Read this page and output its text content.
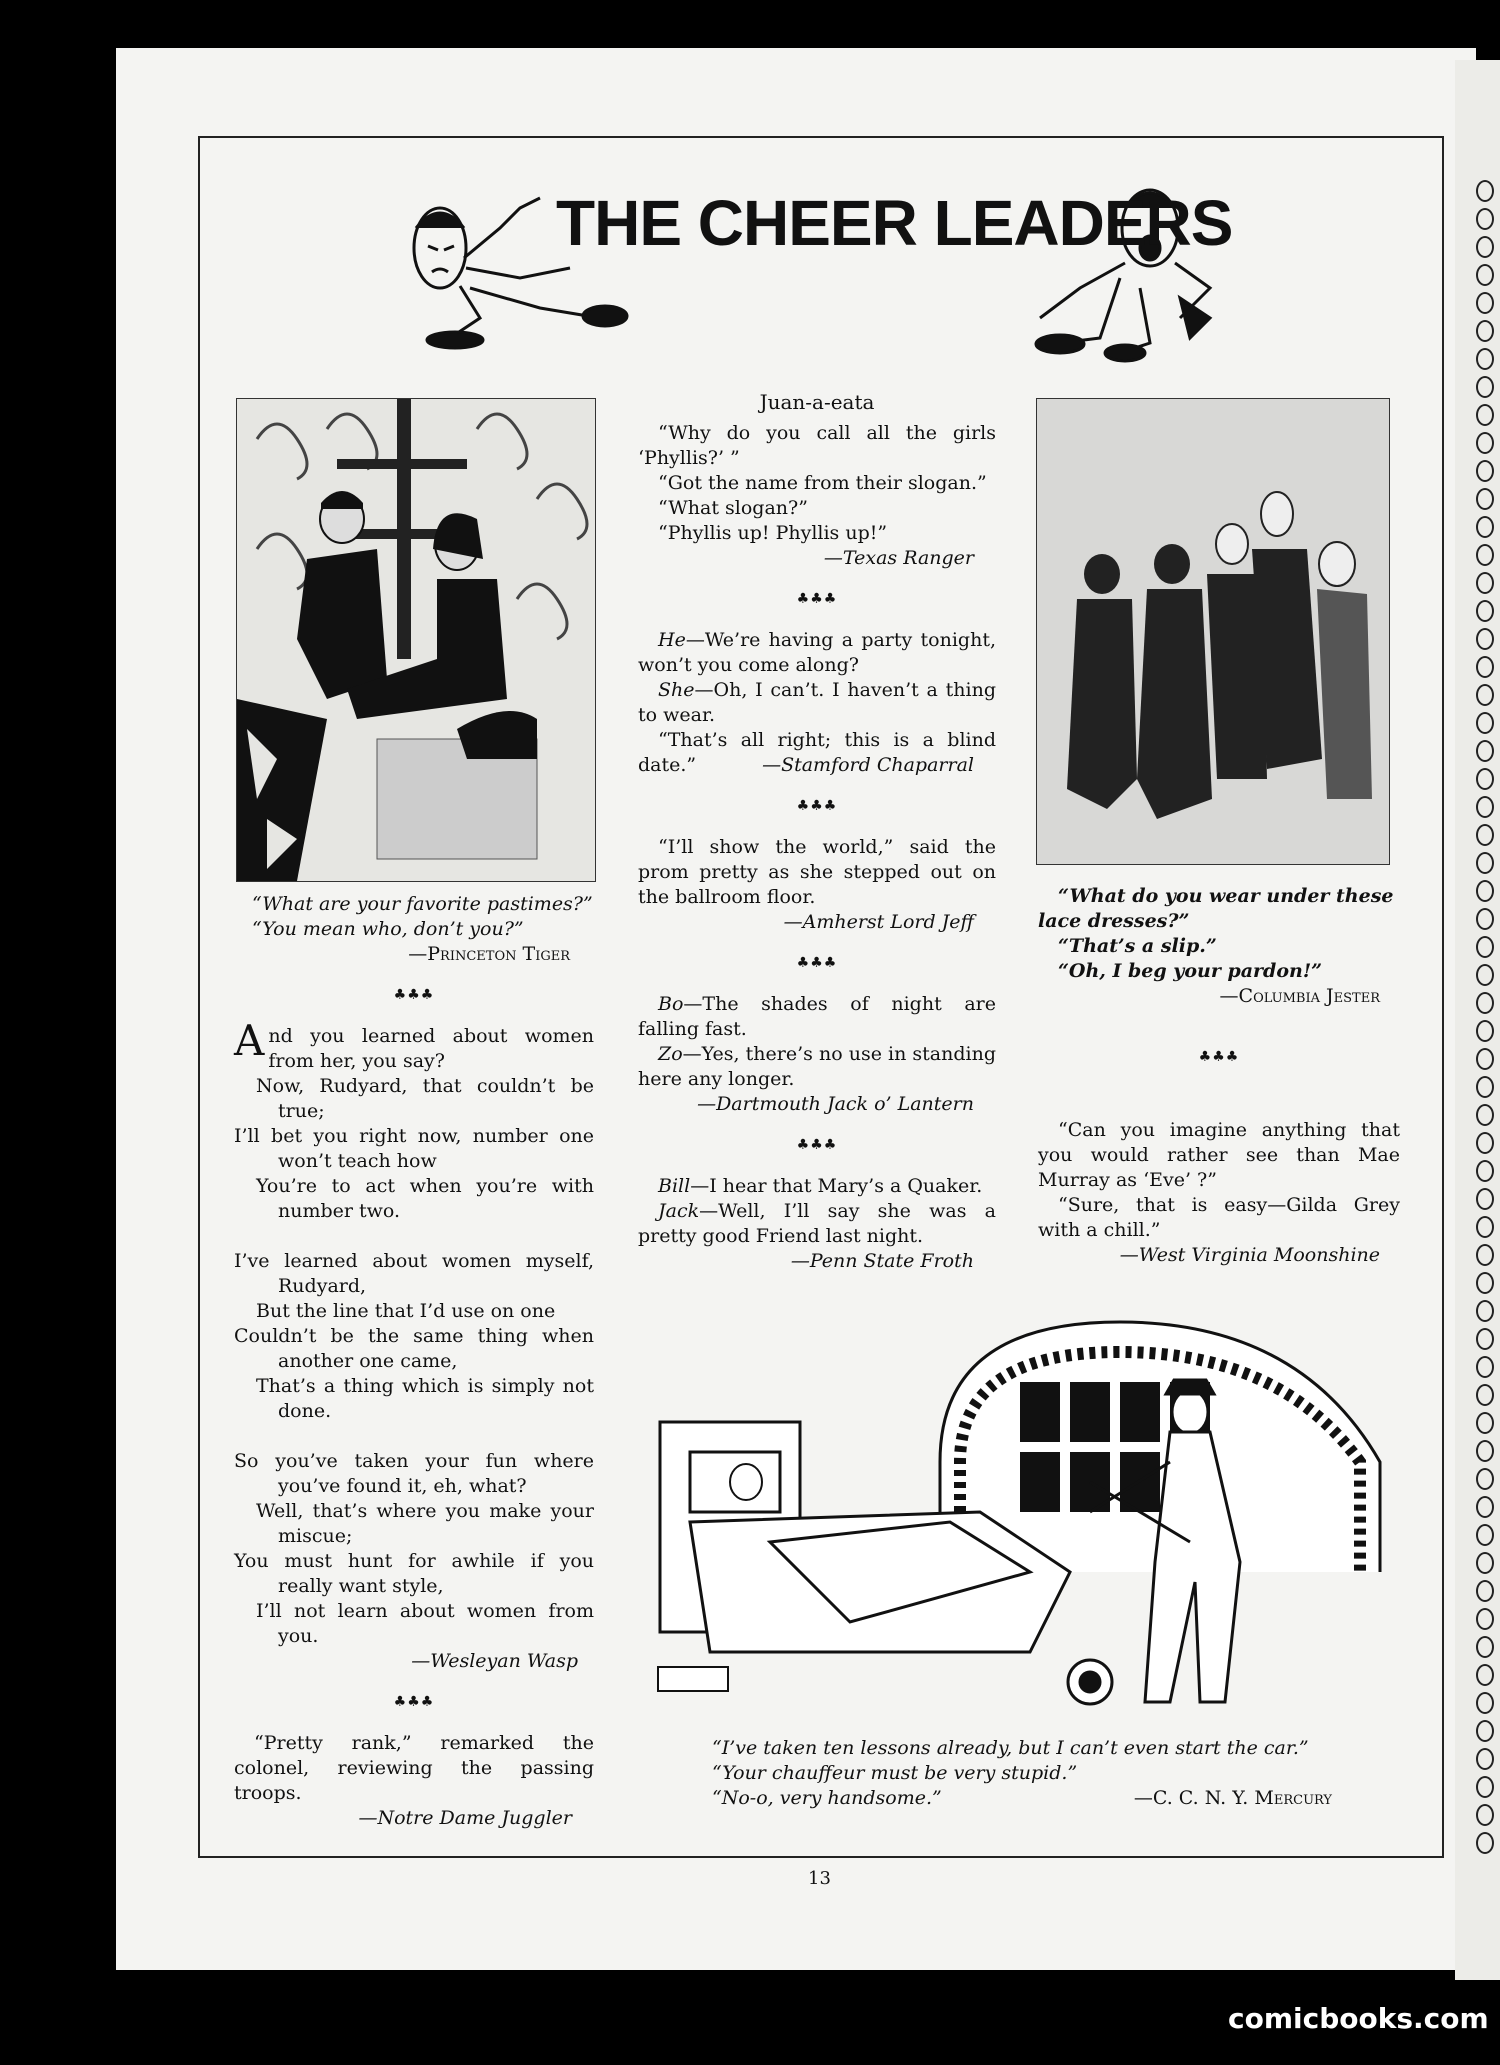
THE CHEER LEADERS

“What are your favorite pastimes?”

“You mean who, don’t you?”

—Princeton Tiger

♣♣♣

A nd you learned about women from her, you say?

Now, Rudyard, that couldn’t be true;

I’ll bet you right now, number one won’t teach how

You’re to act when you’re with number two.

I’ve learned about women myself, Rudyard,

But the line that I’d use on one

Couldn’t be the same thing when another one came,

That’s a thing which is simply not done.

So you’ve taken your fun where you’ve found it, eh, what?

Well, that’s where you make your miscue;

You must hunt for awhile if you really want style,

I’ll not learn about women from you.

—Wesleyan Wasp

♣♣♣

“Pretty rank,” remarked the colonel, reviewing the passing troops.

—Notre Dame Juggler

Juan-a-eata

“Why do you call all the girls ‘Phyllis?’ ”

“Got the name from their slogan.”

“What slogan?”

“Phyllis up! Phyllis up!”

—Texas Ranger

♣♣♣

He—We’re having a party tonight, won’t you come along?

She—Oh, I can’t. I haven’t a thing to wear.

“That’s all right; this is a blind date.”	—Stamford Chaparral

♣♣♣

“I’ll show the world,” said the prom pretty as she stepped out on the ballroom floor.

—Amherst Lord Jeff

♣♣♣

Bo—The shades of night are falling fast.

Zo—Yes, there’s no use in standing here any longer.

—Dartmouth Jack o’ Lantern

♣♣♣

Bill—I hear that Mary’s a Quaker.

Jack—Well, I’ll say she was a pretty good Friend last night.

—Penn State Froth

“What do you wear under these lace dresses?”

“That’s a slip.”

“Oh, I beg your pardon!”

—Columbia Jester

♣♣♣

“Can you imagine anything that you would rather see than Mae Murray as ‘Eve’ ?”

“Sure, that is easy—Gilda Grey with a chill.”

—West Virginia Moonshine

“I’ve taken ten lessons already, but I can’t even start the car.”

“Your chauffeur must be very stupid.”

“No-o, very handsome.”	—C. C. N. Y. Mercury

13
comicbooks.com
